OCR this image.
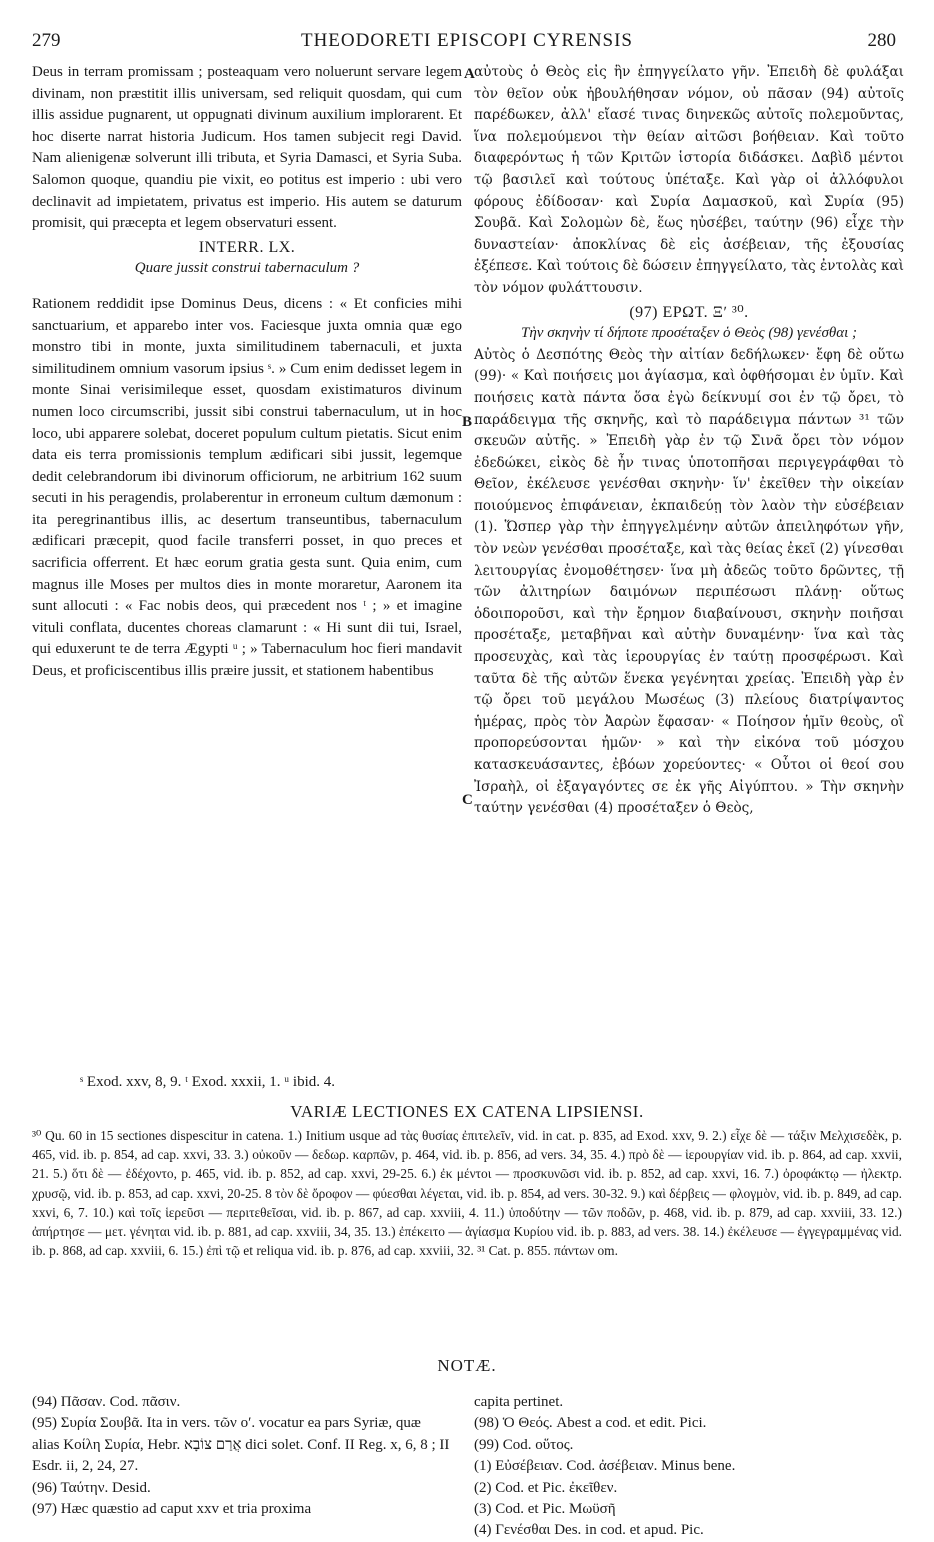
279	THEODORETI EPISCOPI CYRENSIS	280

Deus in terram promissam ; posteaquam vero noluerunt servare legem divinam, non præstitit illis universam, sed reliquit quosdam, qui cum illis assidue pugnarent, ut oppugnati divinum auxilium implorarent. Et hoc diserte narrat historia Judicum. Hos tamen subjecit regi David. Nam alienigenæ solverunt illi tributa, et Syria Damasci, et Syria Suba. Salomon quoque, quandiu pie vixit, eo potitus est imperio : ubi vero declinavit ad impietatem, privatus est imperio. His autem se daturum promisit, qui præcepta et legem observaturi essent.

INTERR. LX.
Quare jussit construi tabernaculum ?

Rationem reddidit ipse Dominus Deus, dicens : « Et conficies mihi sanctuarium, et apparebo inter vos. Faciesque juxta omnia quæ ego monstro tibi in monte, juxta similitudinem tabernaculi, et juxta similitudinem omnium vasorum ipsius ˢ. » Cum enim dedisset legem in monte Sinai verisimileque esset, quosdam existimaturos divinum numen loco circumscribi, jussit sibi construi tabernaculum, ut in hoc loco, ubi apparere solebat, doceret populum cultum pietatis. Sicut enim data eis terra promissionis templum ædificari sibi jussit, legemque dedit celebrandorum ibi divinorum officiorum, ne arbitrium 162 suum secuti in his peragendis, prolaberentur in erroneum cultum dæmonum : ita peregrinantibus illis, ac desertum transeuntibus, tabernaculum ædificari præcepit, quod facile transferri posset, in quo preces et sacrificia offerrent. Et hæc eorum gratia gesta sunt. Quia enim, cum magnus ille Moses per multos dies in monte moraretur, Aaronem ita sunt allocuti : « Fac nobis deos, qui præcedent nos ᵗ ; » et imagine vituli conflata, ducentes choreas clamarunt : « Hi sunt dii tui, Israel, qui eduxerunt te de terra Ægypti ᵘ ; » Tabernaculum hoc fieri mandavit Deus, et proficiscentibus illis præire jussit, et stationem habentibus

A
B
C

αὐτοὺς ὁ Θεὸς εἰς ἣν ἐπηγγείλατο γῆν. Ἐπειδὴ δὲ φυλάξαι τὸν θεῖον οὐκ ἠβουλήθησαν νόμον, οὐ πᾶσαν (94) αὐτοῖς παρέδωκεν, ἀλλ' εἴασέ τινας διηνεκῶς αὐτοῖς πολεμοῦντας, ἵνα πολεμούμενοι τὴν θείαν αἰτῶσι βοήθειαν. Καὶ τοῦτο διαφερόντως ἡ τῶν Κριτῶν ἱστορία διδάσκει. Δαβὶδ μέντοι τῷ βασιλεῖ καὶ τούτους ὑπέταξε. Καὶ γὰρ οἱ ἀλλόφυλοι φόρους ἐδίδοσαν· καὶ Συρία Δαμασκοῦ, καὶ Συρία (95) Σουβᾶ. Καὶ Σολομὼν δὲ, ἕως ηὐσέβει, ταύτην (96) εἶχε τὴν δυναστείαν· ἀποκλίνας δὲ εἰς ἀσέβειαν, τῆς ἐξουσίας ἐξέπεσε. Καὶ τούτοις δὲ δώσειν ἐπηγγείλατο, τὰς ἐντολὰς καὶ τὸν νόμον φυλάττουσιν.

(97) ΕΡΩΤ. Ξʹ ³⁰.
Τὴν σκηνὴν τί δήποτε προσέταξεν ὁ Θεὸς (98) γενέσθαι ;

Αὐτὸς ὁ Δεσπότης Θεὸς τὴν αἰτίαν δεδήλωκεν· ἔφη δὲ οὕτω (99)· « Καὶ ποιήσεις μοι ἁγίασμα, καὶ ὀφθήσομαι ἐν ὑμῖν. Καὶ ποιήσεις κατὰ πάντα ὅσα ἐγὼ δείκνυμί σοι ἐν τῷ ὄρει, τὸ παράδειγμα τῆς σκηνῆς, καὶ τὸ παράδειγμα πάντων ³¹ τῶν σκευῶν αὐτῆς. » Ἐπειδὴ γὰρ ἐν τῷ Σινᾶ ὄρει τὸν νόμον ἐδεδώκει, εἰκὸς δὲ ἦν τινας ὑποτοπῆσαι περιγεγράφθαι τὸ Θεῖον, ἐκέλευσε γενέσθαι σκηνὴν· ἵν' ἐκεῖθεν τὴν οἰκείαν ποιούμενος ἐπιφάνειαν, ἐκπαιδεύῃ τὸν λαὸν τὴν εὐσέβειαν (1). Ὥσπερ γὰρ τὴν ἐπηγγελμένην αὐτῶν ἀπειληφότων γῆν, τὸν νεὼν γενέσθαι προσέταξε, καὶ τὰς θείας ἐκεῖ (2) γίνεσθαι λειτουργίας ἐνομοθέτησεν· ἵνα μὴ ἀδεῶς τοῦτο δρῶντες, τῇ τῶν ἀλιτηρίων δαιμόνων περιπέσωσι πλάνῃ· οὕτως ὁδοιποροῦσι, καὶ τὴν ἔρημον διαβαίνουσι, σκηνὴν ποιῆσαι προσέταξε, μεταβῆναι καὶ αὐτὴν δυναμένην· ἵνα καὶ τὰς προσευχὰς, καὶ τὰς ἱερουργίας ἐν ταύτῃ προσφέρωσι. Καὶ ταῦτα δὲ τῆς αὐτῶν ἕνεκα γεγένηται χρείας. Ἐπειδὴ γὰρ ἐν τῷ ὄρει τοῦ μεγάλου Μωσέως (3) πλείους διατρίψαντος ἡμέρας, πρὸς τὸν Ἀαρὼν ἔφασαν· « Ποίησον ἡμῖν θεοὺς, οἳ προπορεύσονται ἡμῶν· » καὶ τὴν εἰκόνα τοῦ μόσχου κατασκευάσαντες, ἐβόων χορεύοντες· « Οὗτοι οἱ θεοί σου Ἰσραὴλ, οἱ ἐξαγαγόντες σε ἐκ γῆς Αἰγύπτου. » Τὴν σκηνὴν ταύτην γενέσθαι (4) προσέταξεν ὁ Θεὸς,

ˢ Exod. xxv, 8, 9. ᵗ Exod. xxxii, 1. ᵘ ibid. 4.
VARIÆ LECTIONES EX CATENA LIPSIENSI.
³⁰ Qu. 60 in 15 sectiones dispescitur in catena. 1.) Initium usque ad τὰς θυσίας ἐπιτελεῖν, vid. in cat. p. 835, ad Exod. xxv, 9. 2.) εἶχε δὲ — τάξιν Μελχισεδὲκ, p. 465, vid. ib. p. 854, ad cap. xxvi, 33. 3.) οὐκοῦν — δεδωρ. καρπῶν, p. 464, vid. ib. p. 856, ad vers. 34, 35. 4.) πρὸ δὲ — ἱερουργίαν vid. ib. p. 864, ad cap. xxvii, 21. 5.) ὅτι δὲ — ἐδέχοντο, p. 465, vid. ib. p. 852, ad cap. xxvi, 29-25. 6.) ἐκ μέντοι — προσκυνῶσι vid. ib. p. 852, ad cap. xxvi, 16. 7.) ὀροφάκτῳ — ἠλεκτρ. χρυσῷ, vid. ib. p. 853, ad cap. xxvi, 20-25. 8 τὸν δὲ ὄροφον — φύεσθαι λέγεται, vid. ib. p. 854, ad vers. 30-32. 9.) καὶ δέρβεις — φλογμὸν, vid. ib. p. 849, ad cap. xxvi, 6, 7. 10.) καὶ τοῖς ἱερεῦσι — περιτεθεῖσαι, vid. ib. p. 867, ad cap. xxviii, 4. 11.) ὑποδύτην — τῶν ποδῶν, p. 468, vid. ib. p. 879, ad cap. xxviii, 33. 12.) ἀπήρτησε — μετ. γένηται vid. ib. p. 881, ad cap. xxviii, 34, 35. 13.) ἐπέκειτο — ἁγίασμα Κυρίου vid. ib. p. 883, ad vers. 38. 14.) ἐκέλευσε — ἐγγεγραμμένας vid. ib. p. 868, ad cap. xxviii, 6. 15.) ἐπὶ τῷ et reliqua vid. ib. p. 876, ad cap. xxviii, 32. ³¹ Cat. p. 855. πάντων om.
NOTÆ.

(94) Πᾶσαν. Cod. πᾶσιν.

(95) Συρία Σουβᾶ. Ita in vers. τῶν οʹ. vocatur ea pars Syriæ, quæ alias Κοίλη Συρία, Hebr. אֲרַם צוֹבָא dici solet. Conf. II Reg. x, 6, 8 ; II Esdr. ii, 2, 24, 27.

(96) Ταύτην. Desid.

(97) Hæc quæstio ad caput xxv et tria proxima

capita pertinet.

(98) Ὁ Θεός. Abest a cod. et edit. Pici.

(99) Cod. οὕτος.

(1) Εὐσέβειαν. Cod. ἀσέβειαν. Minus bene.

(2) Cod. et Pic. ἐκεῖθεν.

(3) Cod. et Pic. Μωϋσῆ

(4) Γενέσθαι Des. in cod. et apud. Pic.
